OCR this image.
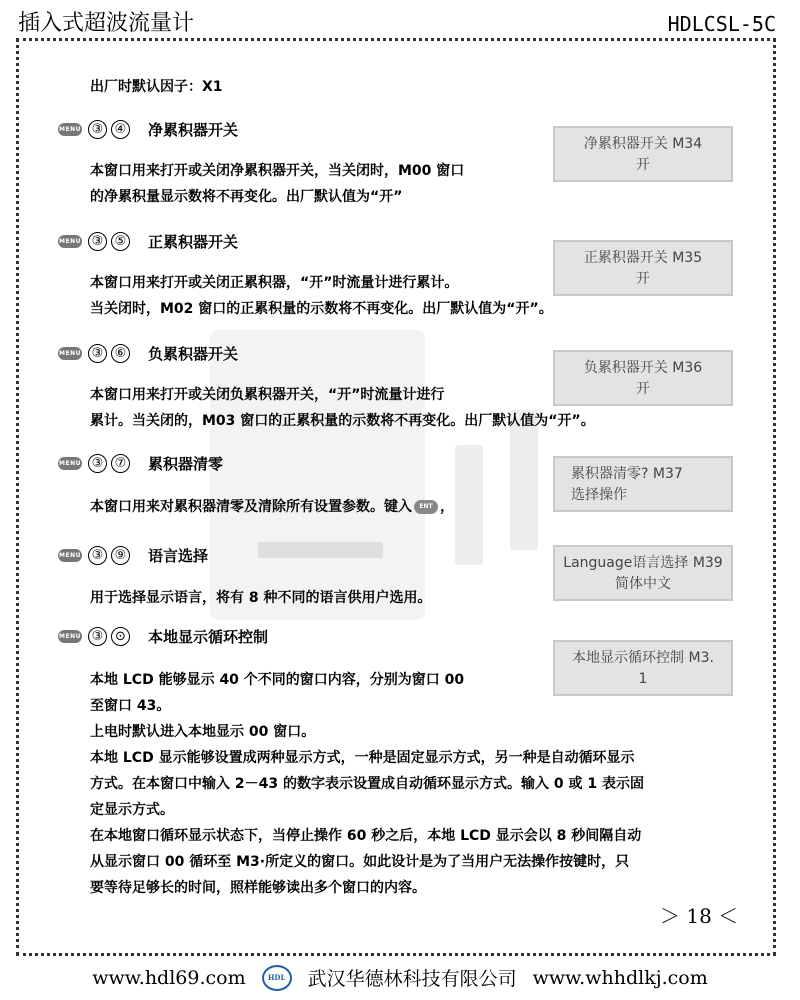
插入式超波流量计	HDLCSL-5C
出厂时默认因子：X1
MENU ③ ④ 净累积器开关
本窗口用来打开或关闭净累积器开关，当关闭时，M00 窗口
的净累积量显示数将不再变化。出厂默认值为“开”
净累积器开关 M34
开
MENU ③ ⑤ 正累积器开关
本窗口用来打开或关闭正累积器，“开”时流量计进行累计。
当关闭时，M02 窗口的正累积量的示数将不再变化。出厂默认值为“开”。
正累积器开关 M35
开
MENU ③ ⑥ 负累积器开关
本窗口用来打开或关闭负累积器开关，“开”时流量计进行
累计。当关闭的，M03 窗口的正累积量的示数将不再变化。出厂默认值为“开”。
负累积器开关 M36
开
MENU ③ ⑦ 累积器清零
本窗口用来对累积器清零及清除所有设置参数。键入 ENT ，
累积器清零? M37
选择操作
MENU ③ ⑨ 语言选择
用于选择显示语言，将有 8 种不同的语言供用户选用。
Language语言选择 M39
简体中文
MENU ③ ⊙ 本地显示循环控制
本地显示循环控制 M3.
1
本地 LCD 能够显示 40 个不同的窗口内容，分别为窗口 00
至窗口 43。
上电时默认进入本地显示 00 窗口。
本地 LCD 显示能够设置成两种显示方式，一种是固定显示方式，另一种是自动循环显示
方式。在本窗口中输入 2－43 的数字表示设置成自动循环显示方式。输入 0 或 1 表示固
定显示方式。
在本地窗口循环显示状态下，当停止操作 60 秒之后，本地 LCD 显示会以 8 秒间隔自动
从显示窗口 00 循环至 M3·所定义的窗口。如此设计是为了当用户无法操作按键时，只
要等待足够长的时间，照样能够读出多个窗口的内容。
＞ 18 ＜
www.hdl69.com	HDL	武汉华德林科技有限公司 www.whhdlkj.com
